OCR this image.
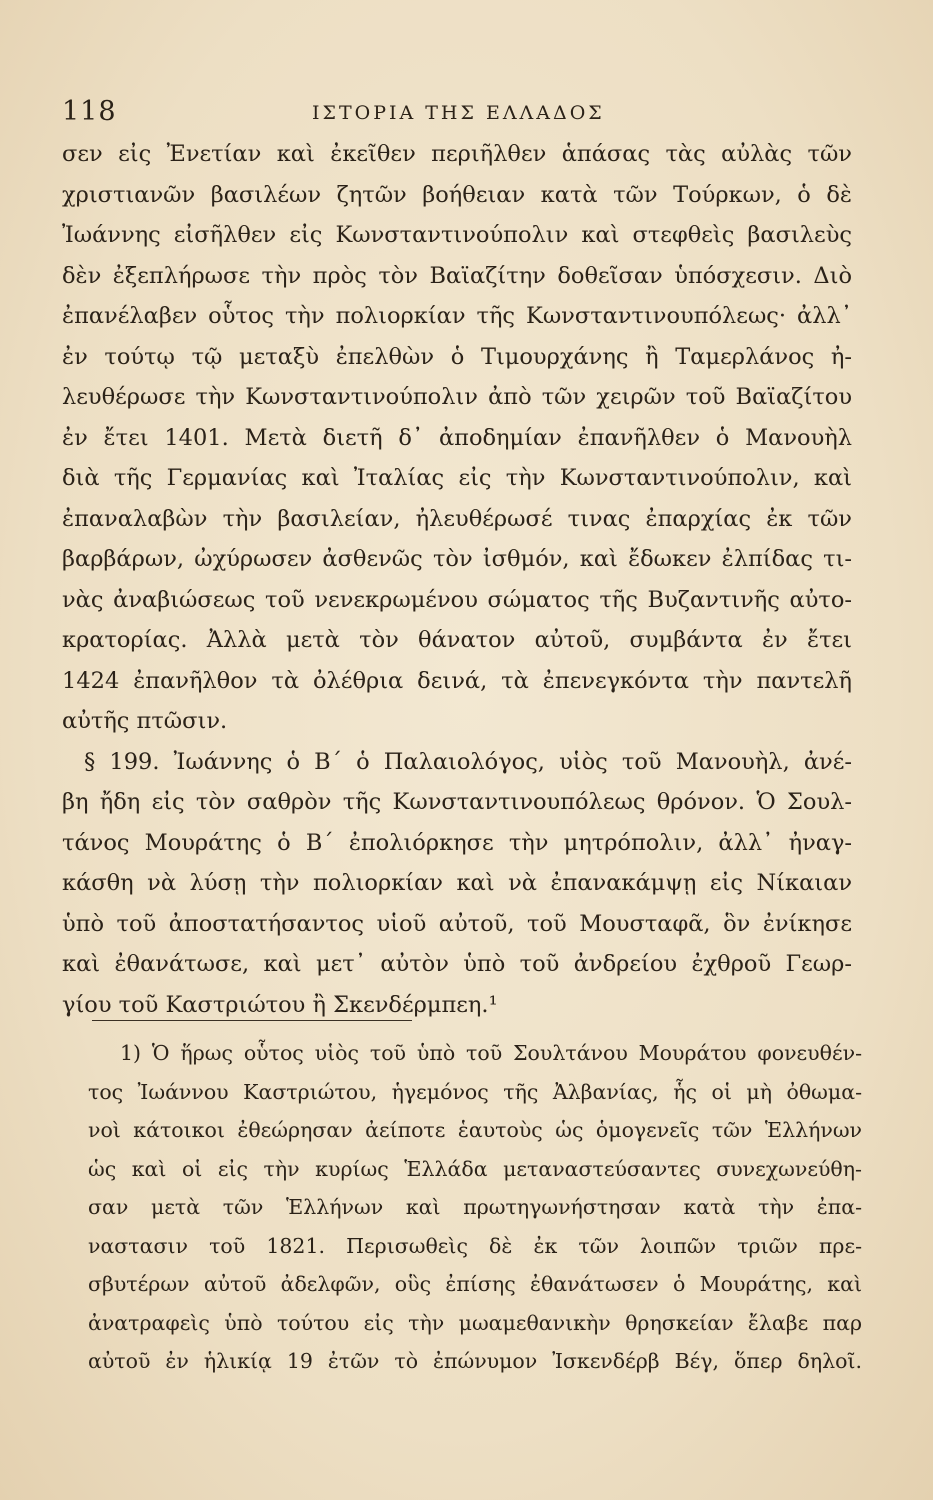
118	ΙΣΤΟΡΙΑ ΤΗΣ ΕΛΛΑΔΟΣ
σεν εἰς Ἐνετίαν καὶ ἐκεῖθεν περιῆλθεν ἁπάσας τὰς αὐλὰς τῶν
χριστιανῶν βασιλέων ζητῶν βοήθειαν κατὰ τῶν Τούρκων, ὁ δὲ
Ἰωάννης εἰσῆλθεν εἰς Κωνσταντινούπολιν καὶ στεφθεὶς βασιλεὺς
δὲν ἐξεπλήρωσε τὴν πρὸς τὸν Βαϊαζίτην δοθεῖσαν ὑπόσχεσιν. Διὸ
ἐπανέλαβεν οὗτος τὴν πολιορκίαν τῆς Κωνσταντινουπόλεως· ἀλλ᾽
ἐν τούτῳ τῷ μεταξὺ ἐπελθὼν ὁ Τιμουρχάνης ἢ Ταμερλάνος ἠ-
λευθέρωσε τὴν Κωνσταντινούπολιν ἀπὸ τῶν χειρῶν τοῦ Βαϊαζίτου
ἐν ἔτει 1401. Μετὰ διετῆ δ᾽ ἀποδημίαν ἐπανῆλθεν ὁ Μανουὴλ
διὰ τῆς Γερμανίας καὶ Ἰταλίας εἰς τὴν Κωνσταντινούπολιν, καὶ
ἐπαναλαβὼν τὴν βασιλείαν, ἠλευθέρωσέ τινας ἐπαρχίας ἐκ τῶν
βαρβάρων, ὠχύρωσεν ἀσθενῶς τὸν ἰσθμόν, καὶ ἔδωκεν ἐλπίδας τι-
νὰς ἀναβιώσεως τοῦ νενεκρωμένου σώματος τῆς Βυζαντινῆς αὐτο-
κρατορίας. Ἀλλὰ μετὰ τὸν θάνατον αὐτοῦ, συμβάντα ἐν ἔτει
1424 ἐπανῆλθον τὰ ὀλέθρια δεινά, τὰ ἐπενεγκόντα τὴν παντελῆ
αὐτῆς πτῶσιν.
§ 199. Ἰωάννης ὁ Β΄ ὁ Παλαιολόγος, υἱὸς τοῦ Μανουὴλ, ἀνέ-
βη ἤδη εἰς τὸν σαθρὸν τῆς Κωνσταντινουπόλεως θρόνον. Ὁ Σουλ-
τάνος Μουράτης ὁ Β΄ ἐπολιόρκησε τὴν μητρόπολιν, ἀλλ᾽ ἠναγ-
κάσθη νὰ λύσῃ τὴν πολιορκίαν καὶ νὰ ἐπανακάμψῃ εἰς Νίκαιαν
ὑπὸ τοῦ ἀποστατήσαντος υἱοῦ αὐτοῦ, τοῦ Μουσταφᾶ, ὃν ἐνίκησε
καὶ ἐθανάτωσε, καὶ μετ᾽ αὐτὸν ὑπὸ τοῦ ἀνδρείου ἐχθροῦ Γεωρ-
γίου τοῦ Καστριώτου ἢ Σκενδέρμπεη.¹
1) Ὁ ἥρως οὗτος υἱὸς τοῦ ὑπὸ τοῦ Σουλτάνου Μουράτου φονευθέν-
τος Ἰωάννου Καστριώτου, ἡγεμόνος τῆς Ἀλβανίας, ἧς οἱ μὴ ὀθωμα-
νοὶ κάτοικοι ἐθεώρησαν ἀείποτε ἑαυτοὺς ὡς ὁμογενεῖς τῶν Ἑλλήνων
ὡς καὶ οἱ εἰς τὴν κυρίως Ἑλλάδα μεταναστεύσαντες συνεχωνεύθη-
σαν μετὰ τῶν Ἑλλήνων καὶ πρωτηγωνήστησαν κατὰ τὴν ἐπα-
ναστασιν τοῦ 1821. Περισωθεὶς δὲ ἐκ τῶν λοιπῶν τριῶν πρε-
σβυτέρων αὐτοῦ ἀδελφῶν, οὓς ἐπίσης ἐθανάτωσεν ὁ Μουράτης, καὶ
ἀνατραφεὶς ὑπὸ τούτου εἰς τὴν μωαμεθανικὴν θρησκείαν ἔλαβε παρ
αὐτοῦ ἐν ἡλικίᾳ 19 ἐτῶν τὸ ἐπώνυμον Ἰσκενδέρβ Βέγ, ὅπερ δηλοῖ.
